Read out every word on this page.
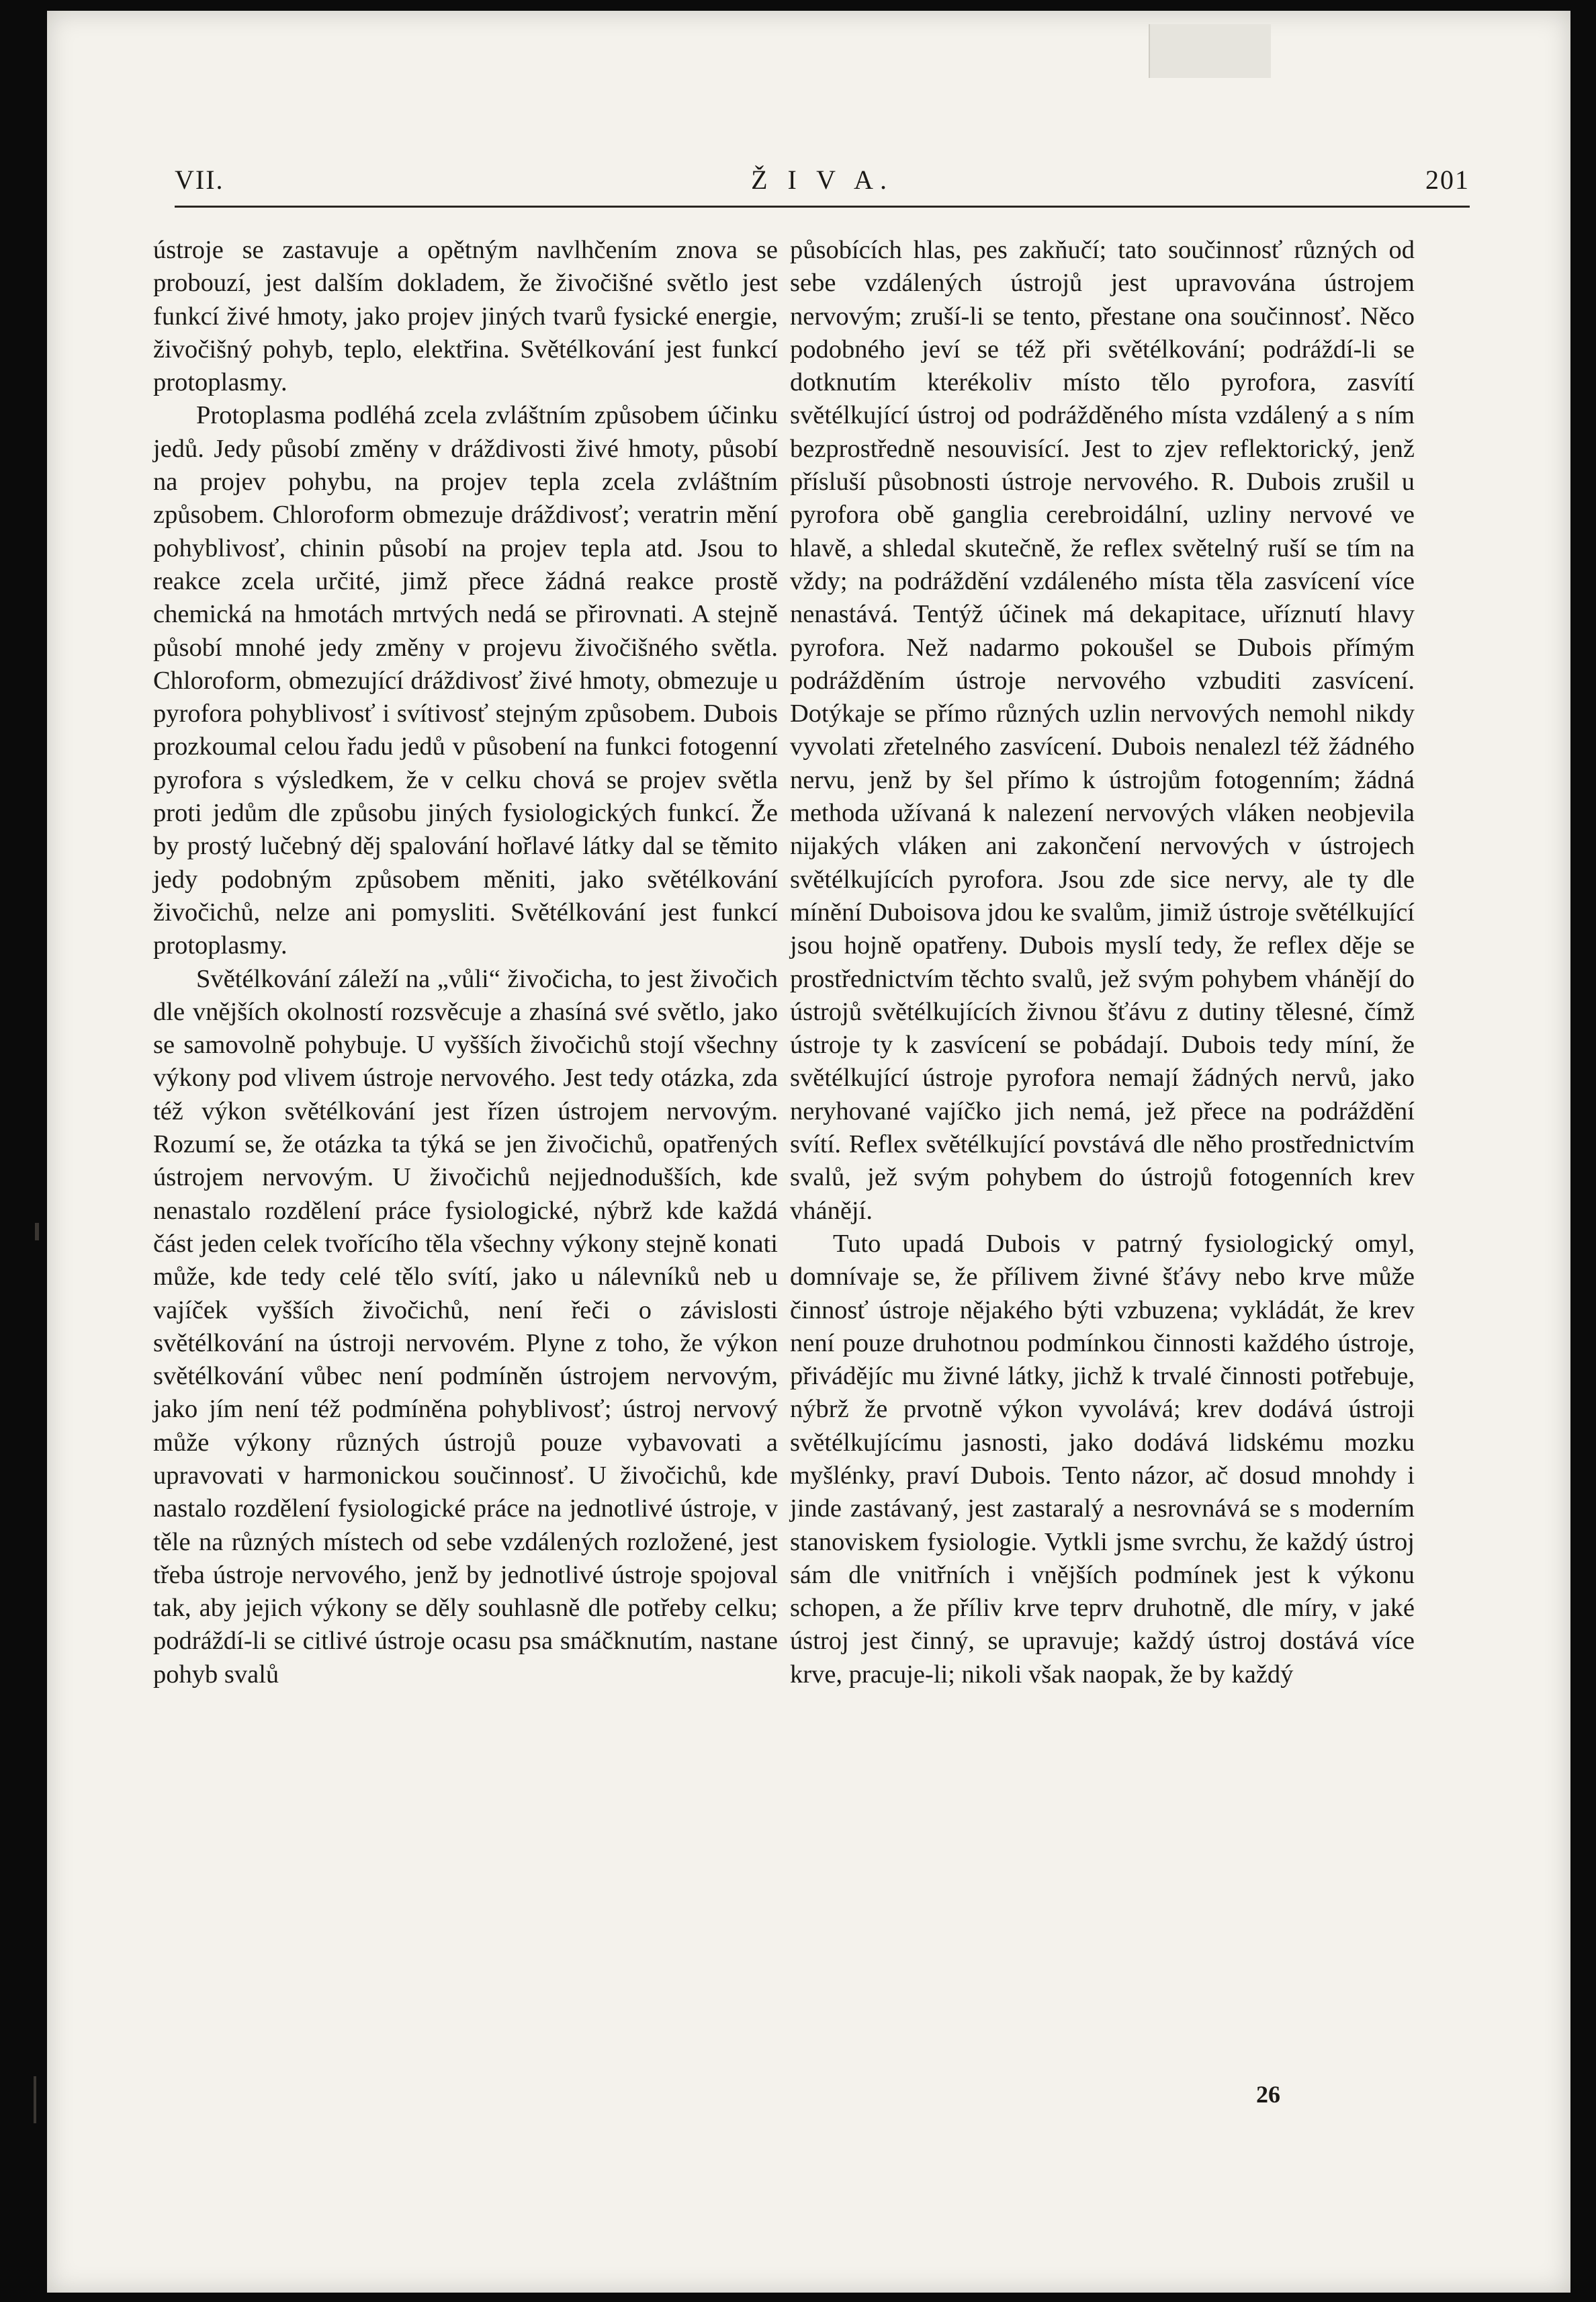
VII.	Ž I V A.	201

ústroje se zastavuje a opětným navlhčením znova se probouzí, jest dalším dokladem, že živočišné světlo jest funkcí živé hmoty, jako projev jiných tvarů fysické energie, živočišný pohyb, teplo, elektřina. Světélkování jest funkcí protoplasmy.

Protoplasma podléhá zcela zvláštním způsobem účinku jedů. Jedy působí změny v dráždivosti živé hmoty, působí na projev pohybu, na projev tepla zcela zvláštním způsobem. Chloroform obmezuje dráždivosť; veratrin mění pohyblivosť, chinin působí na projev tepla atd. Jsou to reakce zcela určité, jimž přece žádná reakce prostě chemická na hmotách mrtvých nedá se přirovnati. A stejně působí mnohé jedy změny v projevu živočišného světla. Chloroform, obmezující dráždivosť živé hmoty, obmezuje u pyrofora pohyblivosť i svítivosť stejným způsobem. Dubois prozkoumal celou řadu jedů v působení na funkci fotogenní pyrofora s výsledkem, že v celku chová se projev světla proti jedům dle způsobu jiných fysiologických funkcí. Že by prostý lučebný děj spalování hořlavé látky dal se těmito jedy podobným způsobem měniti, jako světélkování živočichů, nelze ani pomysliti. Světélkování jest funkcí protoplasmy.

Světélkování záleží na „vůli“ živočicha, to jest živočich dle vnějších okolností rozsvěcuje a zhasíná své světlo, jako se samovolně pohybuje. U vyšších živočichů stojí všechny výkony pod vlivem ústroje nervového. Jest tedy otázka, zda též výkon světélkování jest řízen ústrojem nervovým. Rozumí se, že otázka ta týká se jen živočichů, opatřených ústrojem nervovým. U živočichů nejjednodušších, kde nenastalo rozdělení práce fysiologické, nýbrž kde každá část jeden celek tvořícího těla všechny výkony stejně konati může, kde tedy celé tělo svítí, jako u nálevníků neb u vajíček vyšších živočichů, není řeči o závislosti světélkování na ústroji nervovém. Plyne z toho, že výkon světélkování vůbec není podmíněn ústrojem nervovým, jako jím není též podmíněna pohyblivosť; ústroj nervový může výkony různých ústrojů pouze vybavovati a upravovati v harmonickou součinnosť. U živočichů, kde nastalo rozdělení fysiologické práce na jednotlivé ústroje, v těle na různých místech od sebe vzdálených rozložené, jest třeba ústroje nervového, jenž by jednotlivé ústroje spojoval tak, aby jejich výkony se děly souhlasně dle potřeby celku; podráždí-li se citlivé ústroje ocasu psa smáčknutím, nastane pohyb svalů

působících hlas, pes zakňučí; tato součinnosť různých od sebe vzdálených ústrojů jest upravována ústrojem nervovým; zruší-li se tento, přestane ona součinnosť. Něco podobného jeví se též při světélkování; podráždí-li se dotknutím kterékoliv místo tělo pyrofora, zasvítí světélkující ústroj od podrážděného místa vzdálený a s ním bezprostředně nesouvisící. Jest to zjev reflektorický, jenž přísluší působnosti ústroje nervového. R. Dubois zrušil u pyrofora obě ganglia cerebroidální, uzliny nervové ve hlavě, a shledal skutečně, že reflex světelný ruší se tím na vždy; na podráždění vzdáleného místa těla zasvícení více nenastává. Tentýž účinek má dekapitace, uříznutí hlavy pyrofora. Než nadarmo pokoušel se Dubois přímým podrážděním ústroje nervového vzbuditi zasvícení. Dotýkaje se přímo různých uzlin nervových nemohl nikdy vyvolati zřetelného zasvícení. Dubois nenalezl též žádného nervu, jenž by šel přímo k ústrojům fotogenním; žádná methoda užívaná k nalezení nervových vláken neobjevila nijakých vláken ani zakončení nervových v ústrojech světélkujících pyrofora. Jsou zde sice nervy, ale ty dle mínění Duboisova jdou ke svalům, jimiž ústroje světélkující jsou hojně opatřeny. Dubois myslí tedy, že reflex děje se prostřednictvím těchto svalů, jež svým pohybem vhánějí do ústrojů světélkujících živnou šťávu z dutiny tělesné, čímž ústroje ty k zasvícení se pobádají. Dubois tedy míní, že světélkující ústroje pyrofora nemají žádných nervů, jako neryhované vajíčko jich nemá, jež přece na podráždění svítí. Reflex světélkující povstává dle něho prostřednictvím svalů, jež svým pohybem do ústrojů fotogenních krev vhánějí.

Tuto upadá Dubois v patrný fysiologický omyl, domnívaje se, že přílivem živné šťávy nebo krve může činnosť ústroje nějakého býti vzbuzena; vykládát, že krev není pouze druhotnou podmínkou činnosti každého ústroje, přivádějíc mu živné látky, jichž k trvalé činnosti potřebuje, nýbrž že prvotně výkon vyvolává; krev dodává ústroji světélkujícímu jasnosti, jako dodává lidskému mozku myšlénky, praví Dubois. Tento názor, ač dosud mnohdy i jinde zastávaný, jest zastaralý a nesrovnává se s moderním stanoviskem fysiologie. Vytkli jsme svrchu, že každý ústroj sám dle vnitřních i vnějších podmínek jest k výkonu schopen, a že příliv krve teprv druhotně, dle míry, v jaké ústroj jest činný, se upravuje; každý ústroj dostává více krve, pracuje-li; nikoli však naopak, že by každý

26
